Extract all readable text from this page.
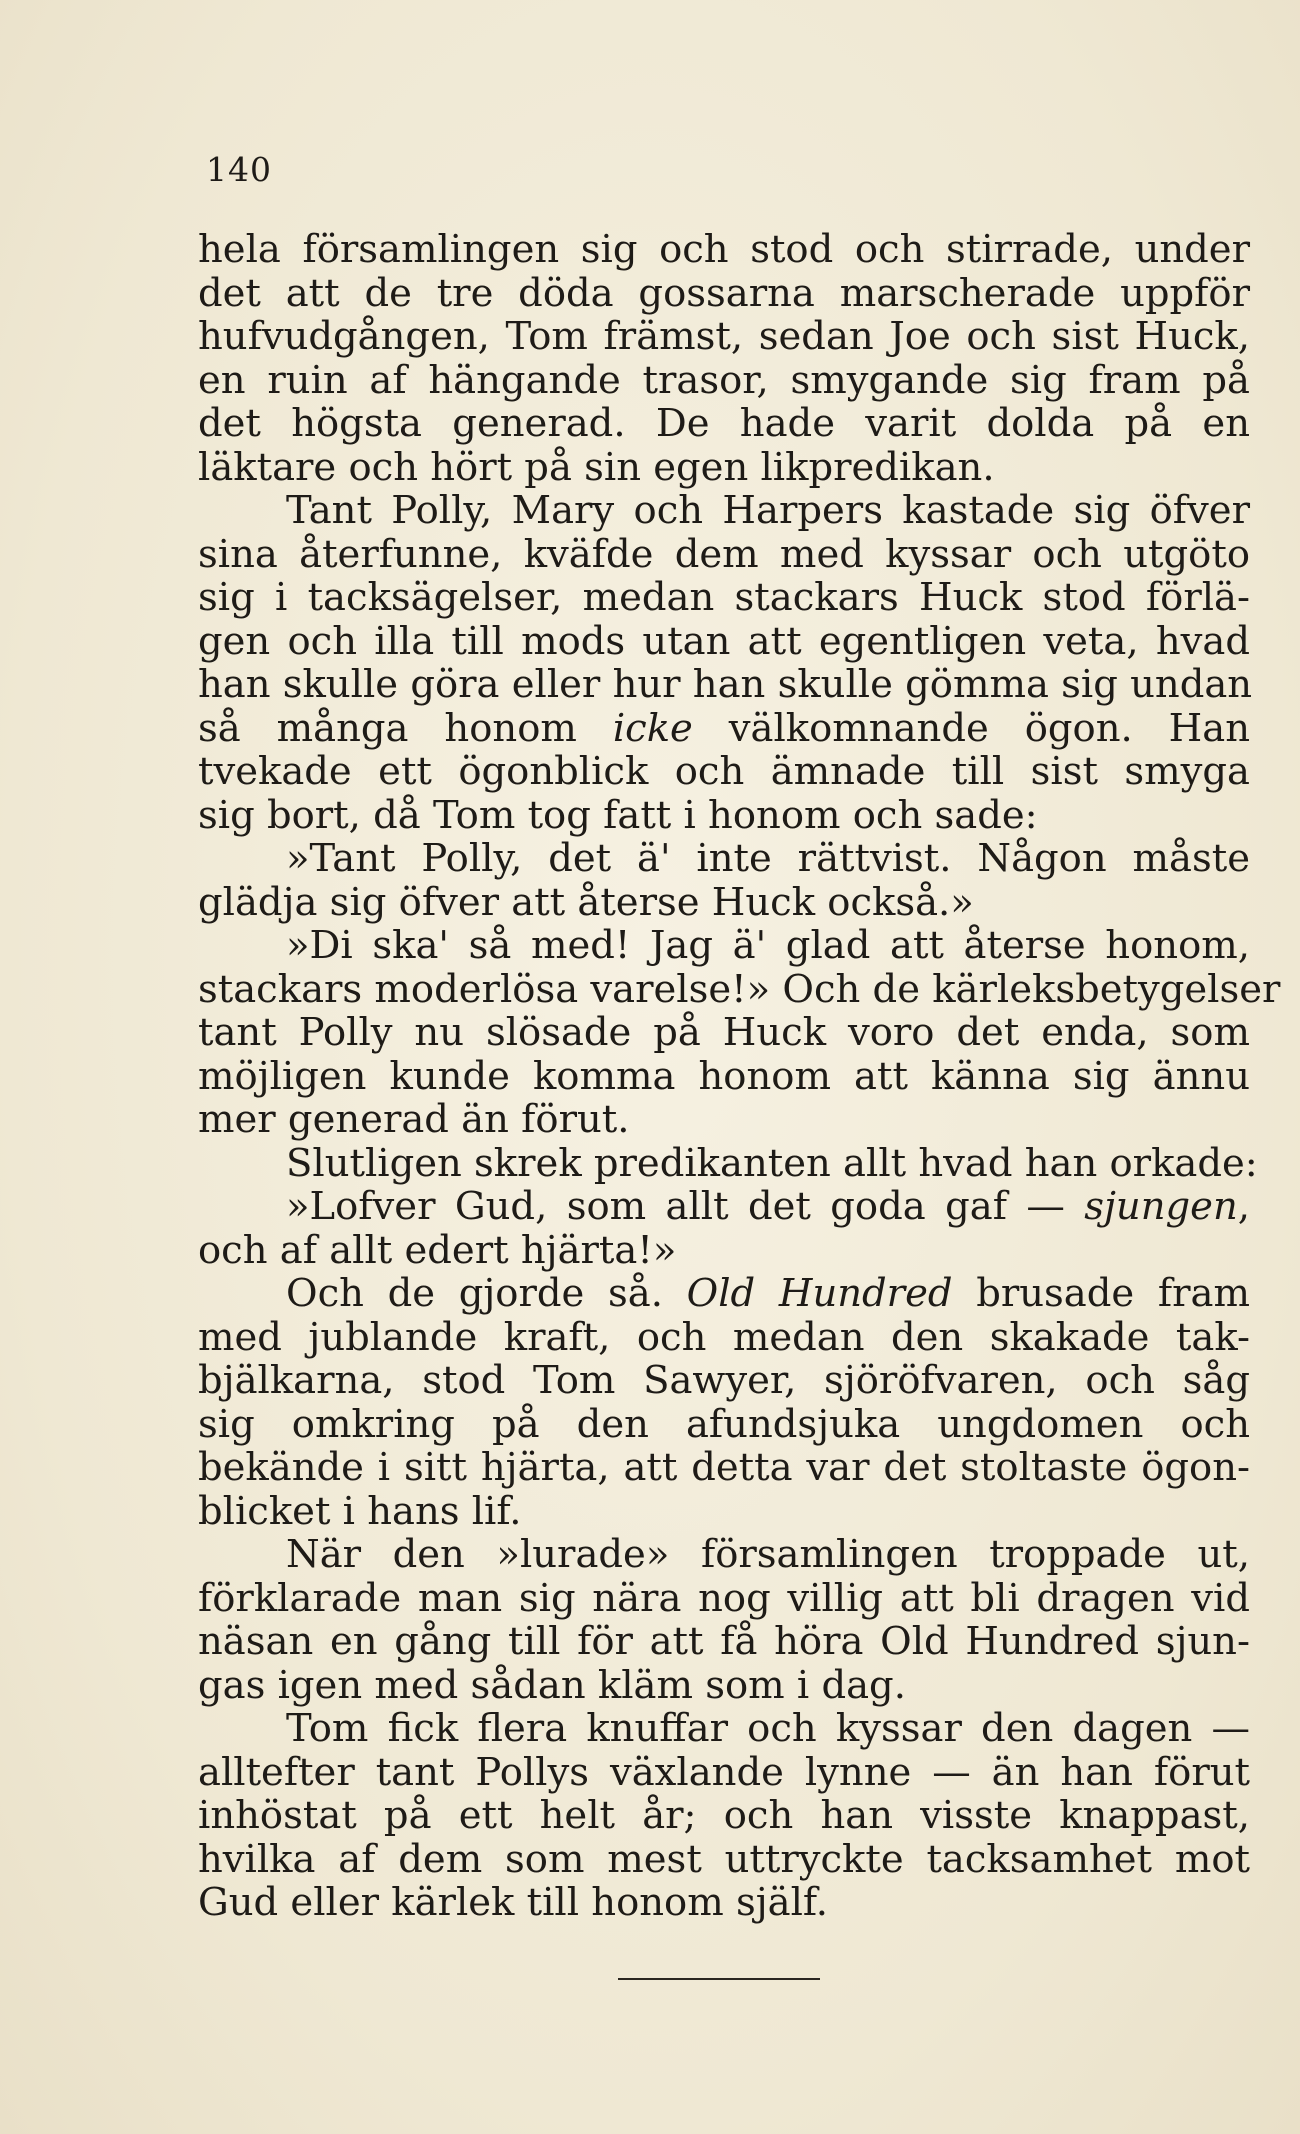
140
hela församlingen sig och stod och stirrade, under
det att de tre döda gossarna marscherade uppför
hufvudgången, Tom främst, sedan Joe och sist Huck,
en ruin af hängande trasor, smygande sig fram på
det högsta generad. De hade varit dolda på en
läktare och hört på sin egen likpredikan.
Tant Polly, Mary och Harpers kastade sig öfver
sina återfunne, kväfde dem med kyssar och utgöto
sig i tacksägelser, medan stackars Huck stod förlä-
gen och illa till mods utan att egentligen veta, hvad
han skulle göra eller hur han skulle gömma sig undan
så många honom icke välkomnande ögon. Han
tvekade ett ögonblick och ämnade till sist smyga
sig bort, då Tom tog fatt i honom och sade:
»Tant Polly, det ä' inte rättvist. Någon måste
glädja sig öfver att återse Huck också.»
»Di ska' så med! Jag ä' glad att återse honom,
stackars moderlösa varelse!» Och de kärleksbetygelser
tant Polly nu slösade på Huck voro det enda, som
möjligen kunde komma honom att känna sig ännu
mer generad än förut.
Slutligen skrek predikanten allt hvad han orkade:
»Lofver Gud, som allt det goda gaf — sjungen,
och af allt edert hjärta!»
Och de gjorde så. Old Hundred brusade fram
med jublande kraft, och medan den skakade tak-
bjälkarna, stod Tom Sawyer, sjöröfvaren, och såg
sig omkring på den afundsjuka ungdomen och
bekände i sitt hjärta, att detta var det stoltaste ögon-
blicket i hans lif.
När den »lurade» församlingen troppade ut,
förklarade man sig nära nog villig att bli dragen vid
näsan en gång till för att få höra Old Hundred sjun-
gas igen med sådan kläm som i dag.
Tom fick flera knuffar och kyssar den dagen —
alltefter tant Pollys växlande lynne — än han förut
inhöstat på ett helt år; och han visste knappast,
hvilka af dem som mest uttryckte tacksamhet mot
Gud eller kärlek till honom själf.
